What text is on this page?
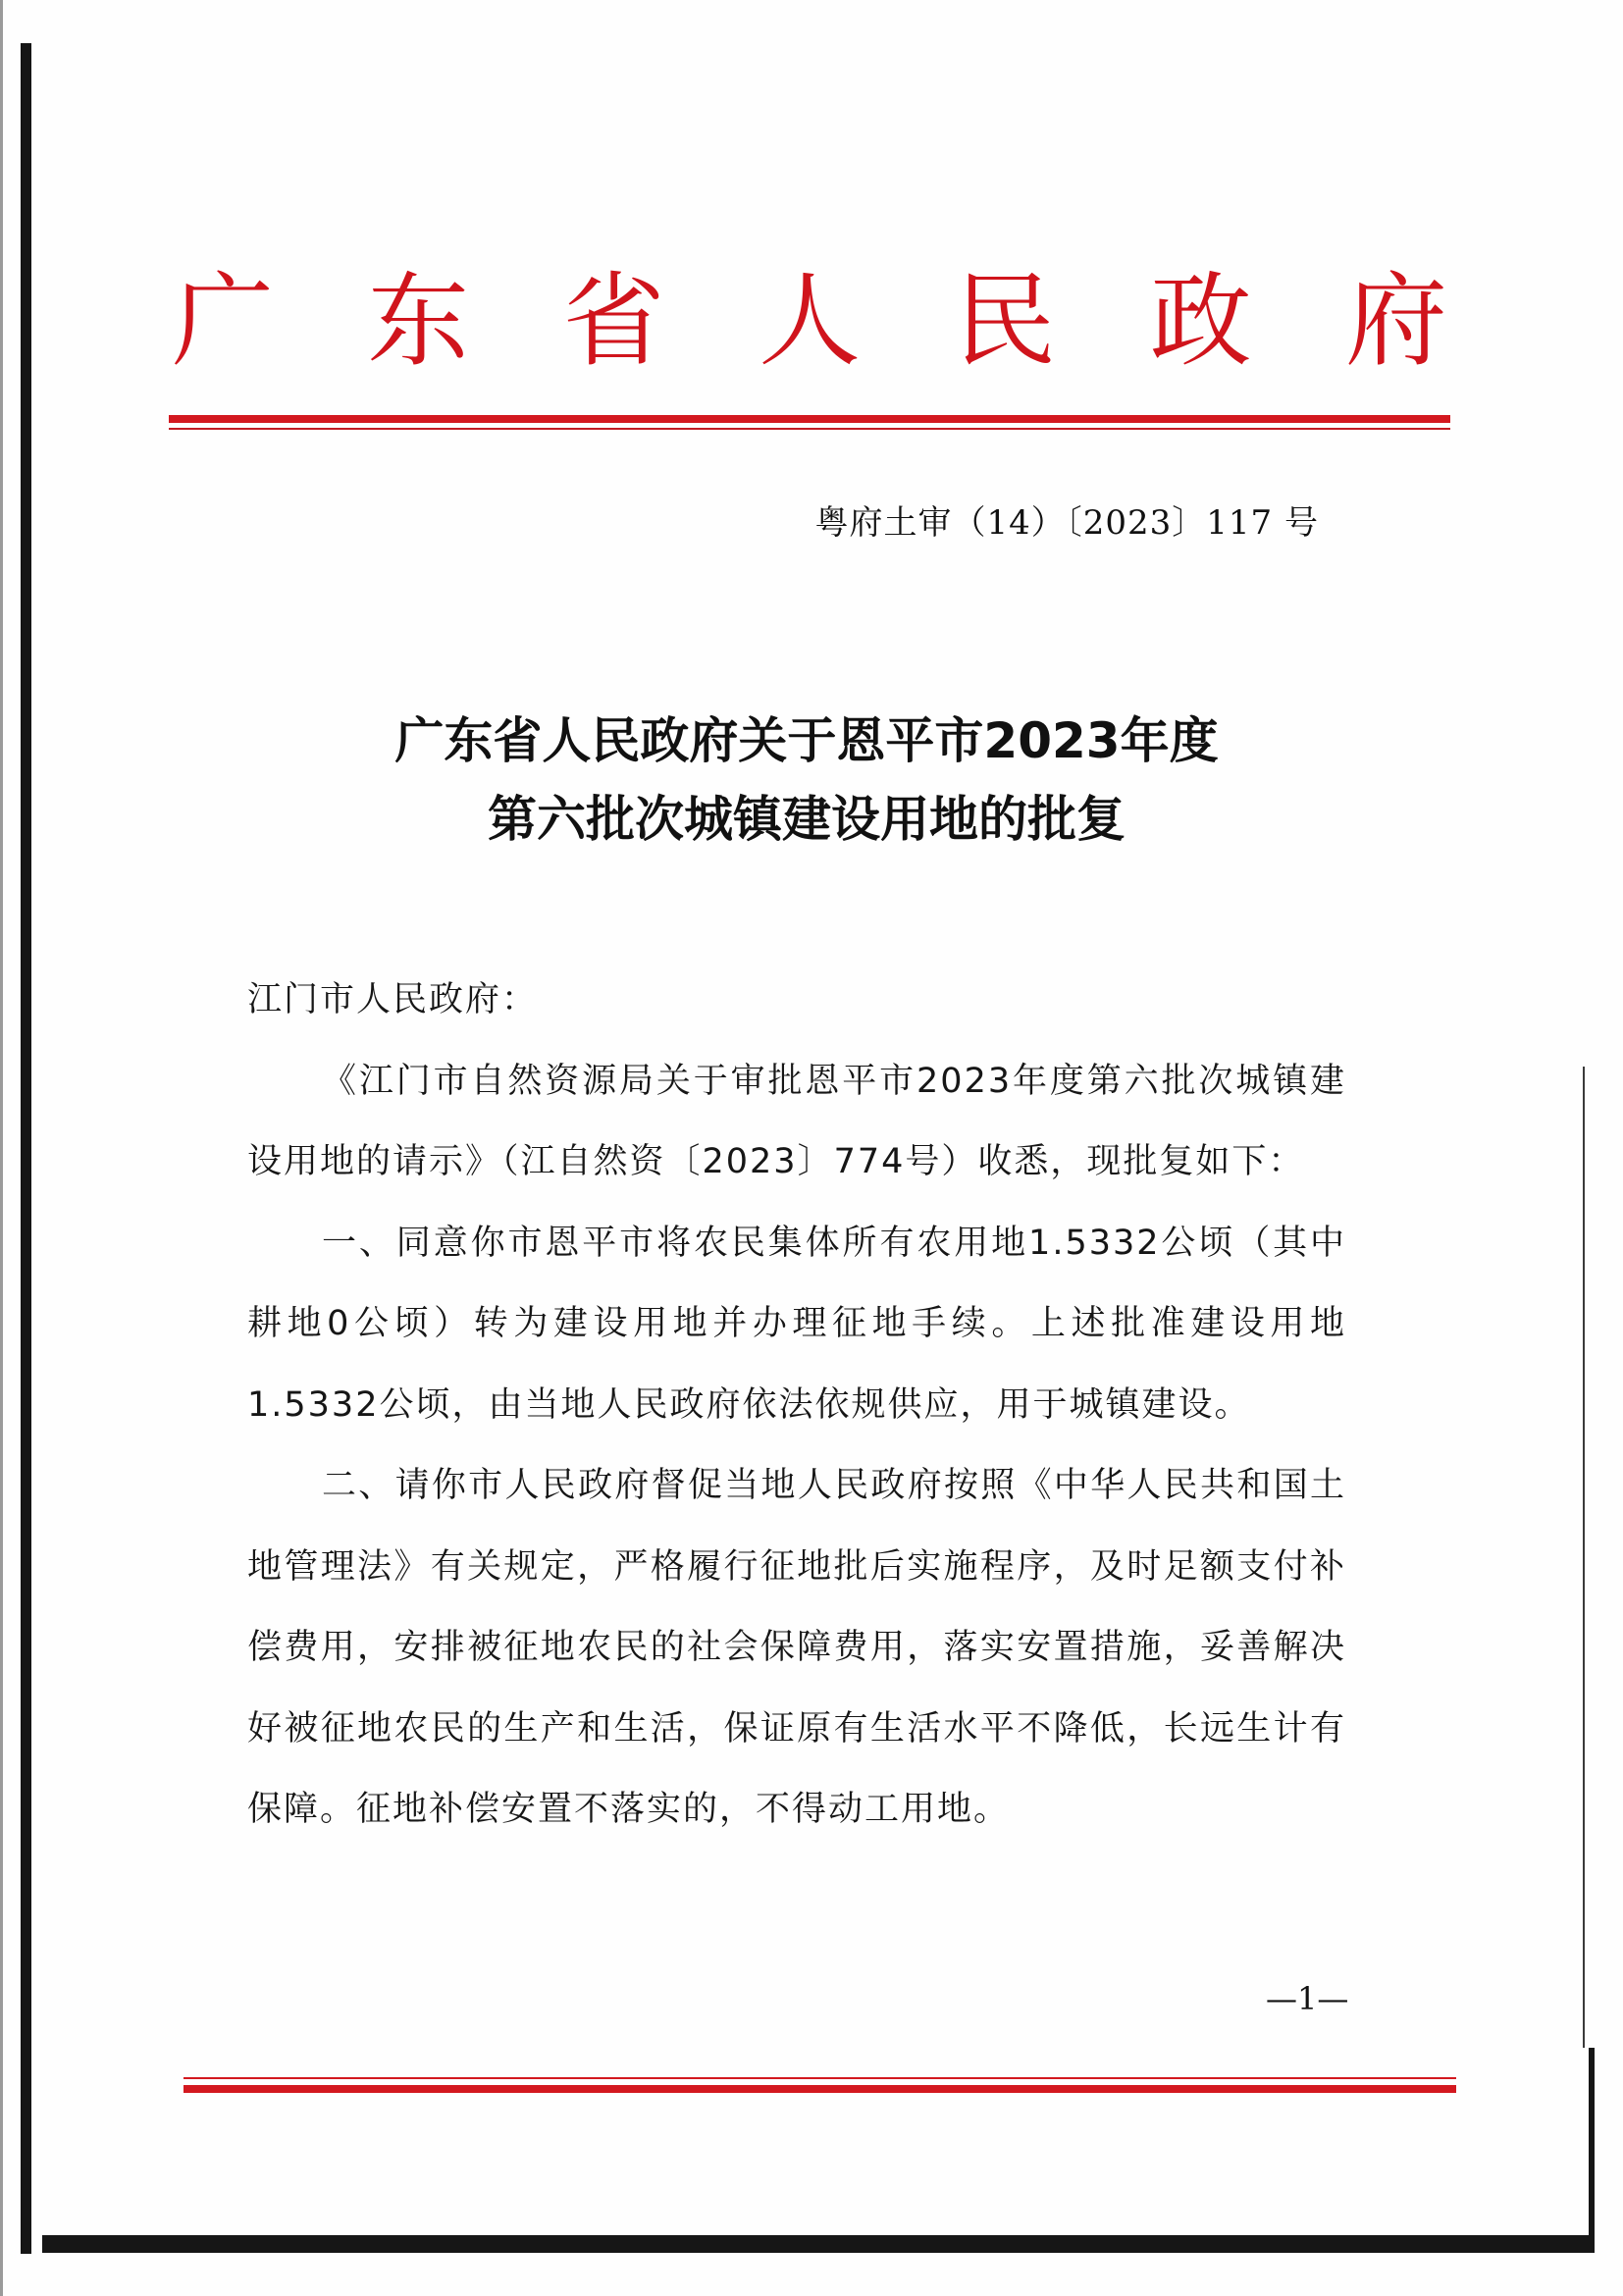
广 东 省 人 民 政 府
粤府土审（14）〔2023〕117 号
广东省人民政府关于恩平市2023年度
第六批次城镇建设用地的批复

江门市人民政府：

《江门市自然资源局关于审批恩平市2023年度第六批次城镇建设用地的请示》（江自然资〔2023〕774号）收悉，现批复如下：

一、同意你市恩平市将农民集体所有农用地1.5332公顷（其中耕地0公顷）转为建设用地并办理征地手续。上述批准建设用地1.5332公顷，由当地人民政府依法依规供应，用于城镇建设。

二、请你市人民政府督促当地人民政府按照《中华人民共和国土地管理法》有关规定，严格履行征地批后实施程序，及时足额支付补偿费用，安排被征地农民的社会保障费用，落实安置措施，妥善解决好被征地农民的生产和生活，保证原有生活水平不降低，长远生计有保障。征地补偿安置不落实的，不得动工用地。

—1—
